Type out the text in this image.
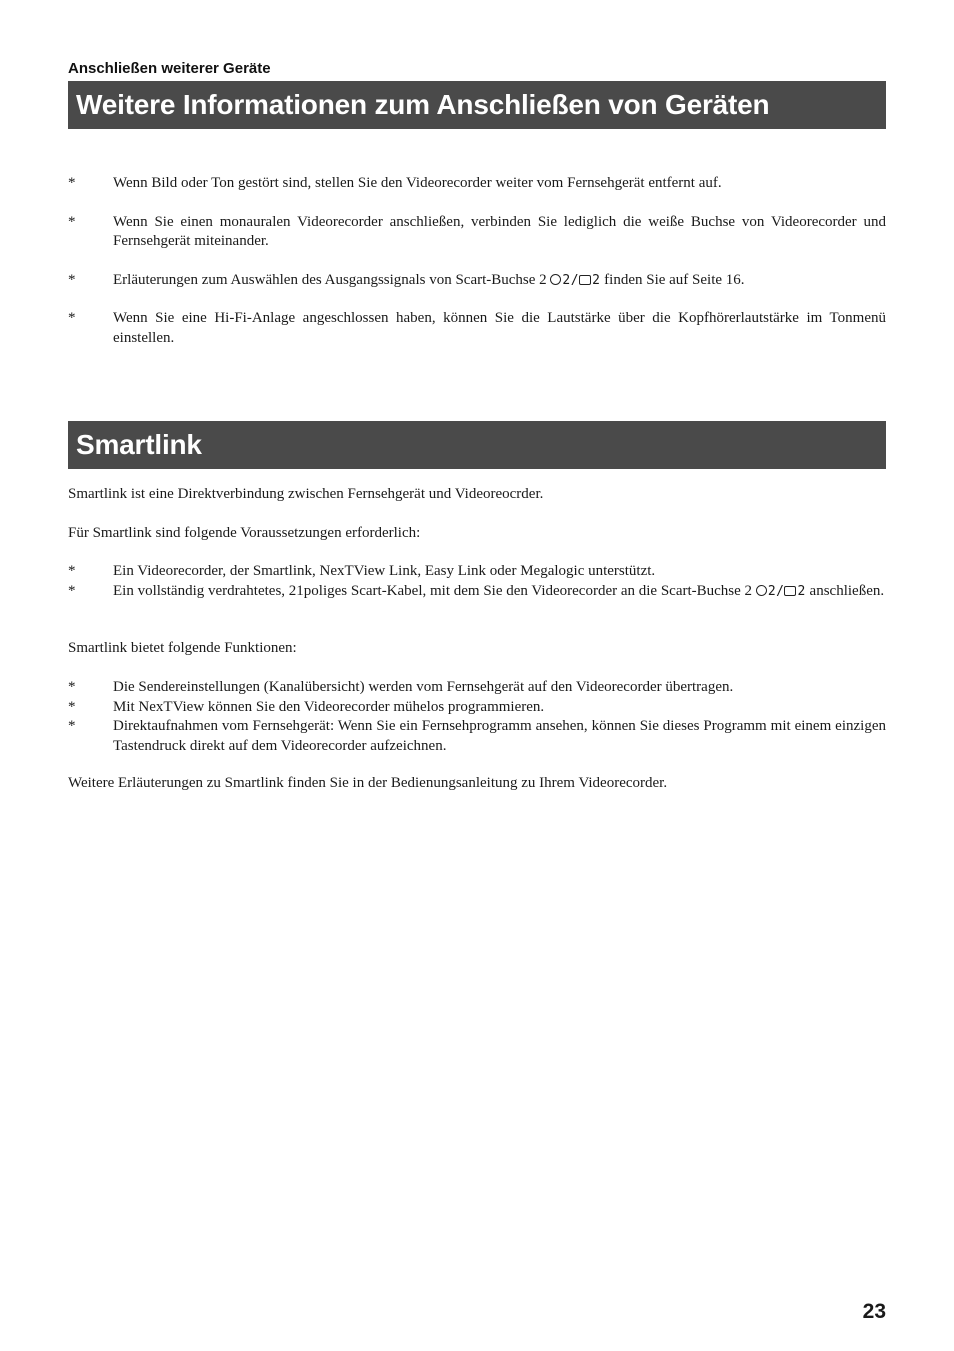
Anschließen weiterer Geräte
Weitere Informationen zum Anschließen von Geräten
*	Wenn Bild oder Ton gestört sind, stellen Sie den Videorecorder weiter vom Fernsehgerät entfernt auf.
*	Wenn Sie einen monauralen Videorecorder anschließen, verbinden Sie lediglich die weiße Buchse von Videorecorder und Fernsehgerät miteinander.
*	Erläuterungen zum Auswählen des Ausgangssignals von Scart-Buchse 2 2/ 2 finden Sie auf Seite 16.
*	Wenn Sie eine Hi-Fi-Anlage angeschlossen haben, können Sie die Lautstärke über die Kopfhörerlautstärke im Tonmenü einstellen.
Smartlink

Smartlink ist eine Direktverbindung zwischen Fernsehgerät und Videoreocrder.

Für Smartlink sind folgende Voraussetzungen erforderlich:

*	Ein Videorecorder, der Smartlink, NexTView Link, Easy Link oder Megalogic unterstützt.
*	Ein vollständig verdrahtetes, 21poliges Scart-Kabel, mit dem Sie den Videorecorder an die Scart-Buchse 2 2/ 2 anschließen.

Smartlink bietet folgende Funktionen:

*	Die Sendereinstellungen (Kanalübersicht) werden vom Fernsehgerät auf den Videorecorder übertragen.
*	Mit NexTView können Sie den Videorecorder mühelos programmieren.
*	Direktaufnahmen vom Fernsehgerät: Wenn Sie ein Fernsehprogramm ansehen, können Sie dieses Programm mit einem einzigen Tastendruck direkt auf dem Videorecorder aufzeichnen.

Weitere Erläuterungen zu Smartlink finden Sie in der Bedienungsanleitung zu Ihrem Videorecorder.

23
